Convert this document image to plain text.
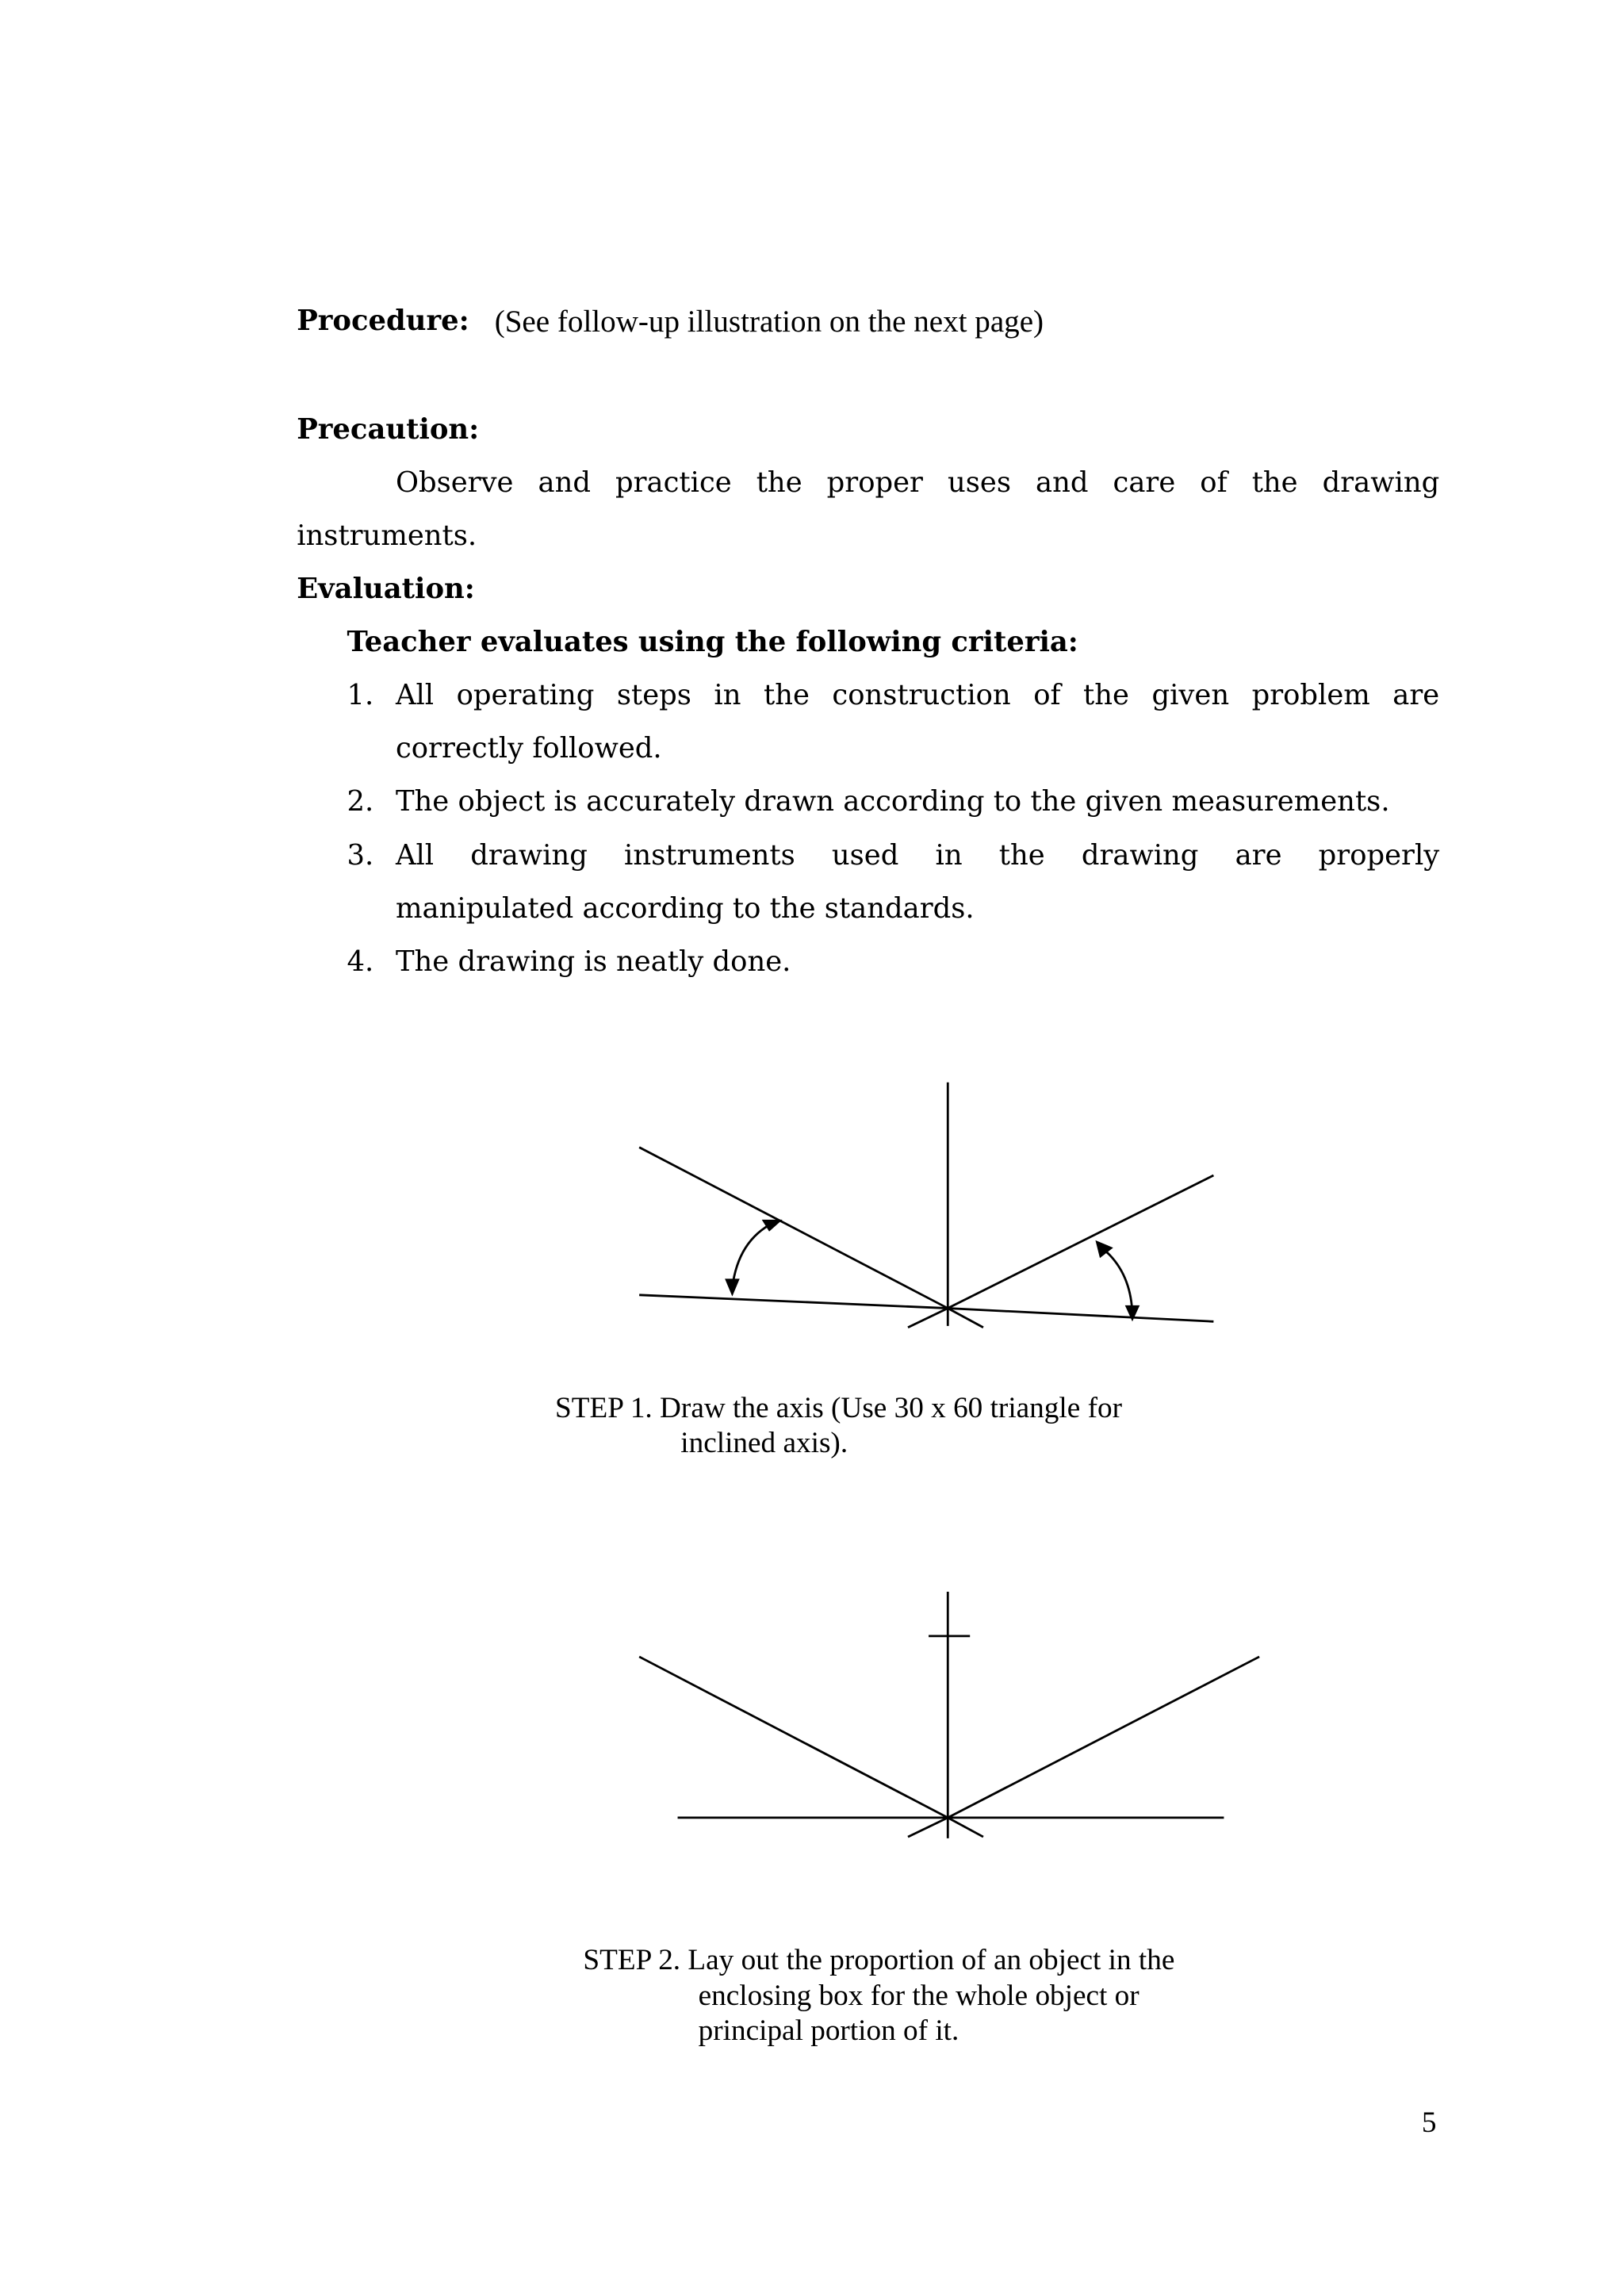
Procedure: (See follow-up illustration on the next page)
Precaution:
Observe and practice the proper uses and care of the drawing
instruments.
Evaluation:
Teacher evaluates using the following criteria:
1. All operating steps in the construction of the given problem are
correctly followed.
2. The object is accurately drawn according to the given measurements.
3. All drawing instruments used in the drawing are properly
manipulated according to the standards.
4. The drawing is neatly done.
STEP 1. Draw the axis (Use 30 x 60 triangle for
inclined axis).
STEP 2. Lay out the proportion of an object in the
enclosing box for the whole object or
principal portion of it.
5
